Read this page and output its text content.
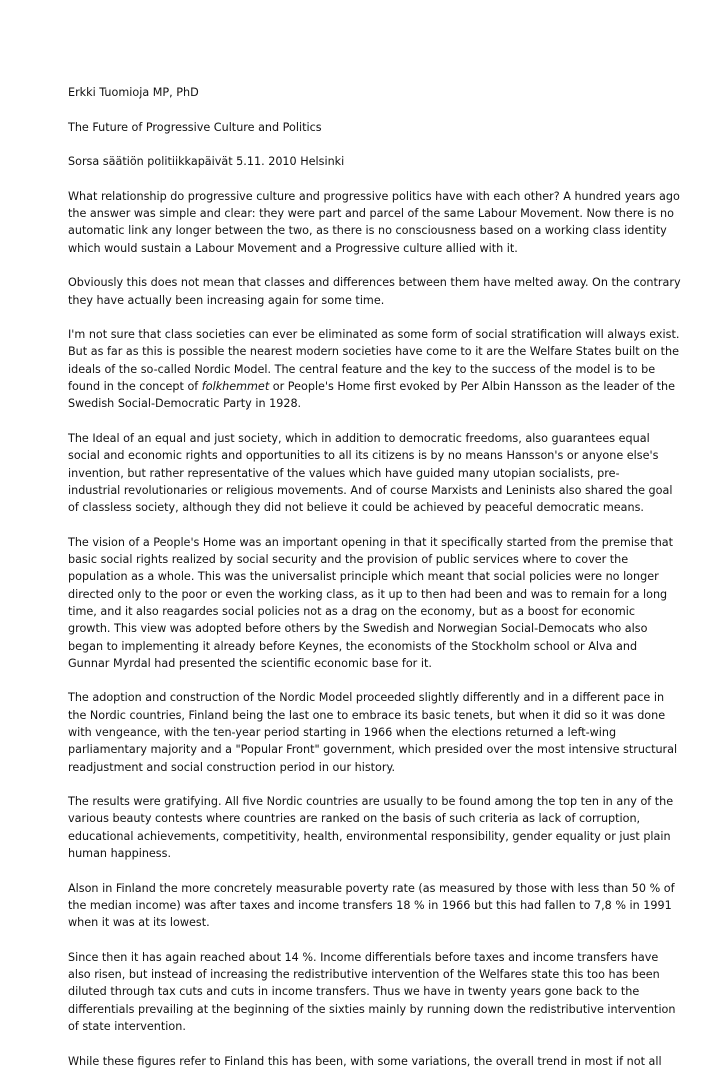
Erkki Tuomioja MP, PhD

The Future of Progressive Culture and Politics

Sorsa säätiön politiikkapäivät 5.11. 2010 Helsinki

What relationship do progressive culture and progressive politics have with each other? A hundred years ago
the answer was simple and clear: they were part and parcel of the same Labour Movement. Now there is no
automatic link any longer between the two, as there is no consciousness based on a working class identity
which would sustain a Labour Movement and a Progressive culture allied with it.

Obviously this does not mean that classes and differences between them have melted away. On the contrary
they have actually been increasing again for some time.

I'm not sure that class societies can ever be eliminated as some form of social stratification will always exist.
But as far as this is possible the nearest modern societies have come to it are the Welfare States built on the
ideals of the so-called Nordic Model. The central feature and the key to the success of the model is to be
found in the concept of folkhemmet or People's Home first evoked by Per Albin Hansson as the leader of the
Swedish Social-Democratic Party in 1928.

The Ideal of an equal and just society, which in addition to democratic freedoms, also guarantees equal
social and economic rights and opportunities to all its citizens is by no means Hansson's or anyone else's
invention, but rather representative of the values which have guided many utopian socialists, pre-
industrial revolutionaries or religious movements. And of course Marxists and Leninists also shared the goal
of classless society, although they did not believe it could be achieved by peaceful democratic means.

The vision of a People's Home was an important opening in that it specifically started from the premise that
basic social rights realized by social security and the provision of public services where to cover the
population as a whole. This was the universalist principle which meant that social policies were no longer
directed only to the poor or even the working class, as it up to then had been and was to remain for a long
time, and it also reagardes social policies not as a drag on the economy, but as a boost for economic
growth. This view was adopted before others by the Swedish and Norwegian Social-Democats who also
began to implementing it already before Keynes, the economists of the Stockholm school or Alva and
Gunnar Myrdal had presented the scientific economic base for it.

The adoption and construction of the Nordic Model proceeded slightly differently and in a different pace in
the Nordic countries, Finland being the last one to embrace its basic tenets, but when it did so it was done
with vengeance, with the ten-year period starting in 1966 when the elections returned a left-wing
parliamentary majority and a "Popular Front" government, which presided over the most intensive structural
readjustment and social construction period in our history.

The results were gratifying. All five Nordic countries are usually to be found among the top ten in any of the
various beauty contests where countries are ranked on the basis of such criteria as lack of corruption,
educational achievements, competitivity, health, environmental responsibility, gender equality or just plain
human happiness.

Alson in Finland the more concretely measurable poverty rate (as measured by those with less than 50 % of
the median income) was after taxes and income transfers 18 % in 1966 but this had fallen to 7,8 % in 1991
when it was at its lowest.

Since then it has again reached about 14 %. Income differentials before taxes and income transfers have
also risen, but instead of increasing the redistributive intervention of the Welfares state this too has been
diluted through tax cuts and cuts in income transfers. Thus we have in twenty years gone back to the
differentials prevailing at the beginning of the sixties mainly by running down the redistributive intervention
of state intervention.

While these figures refer to Finland this has been, with some variations, the overall trend in most if not all
